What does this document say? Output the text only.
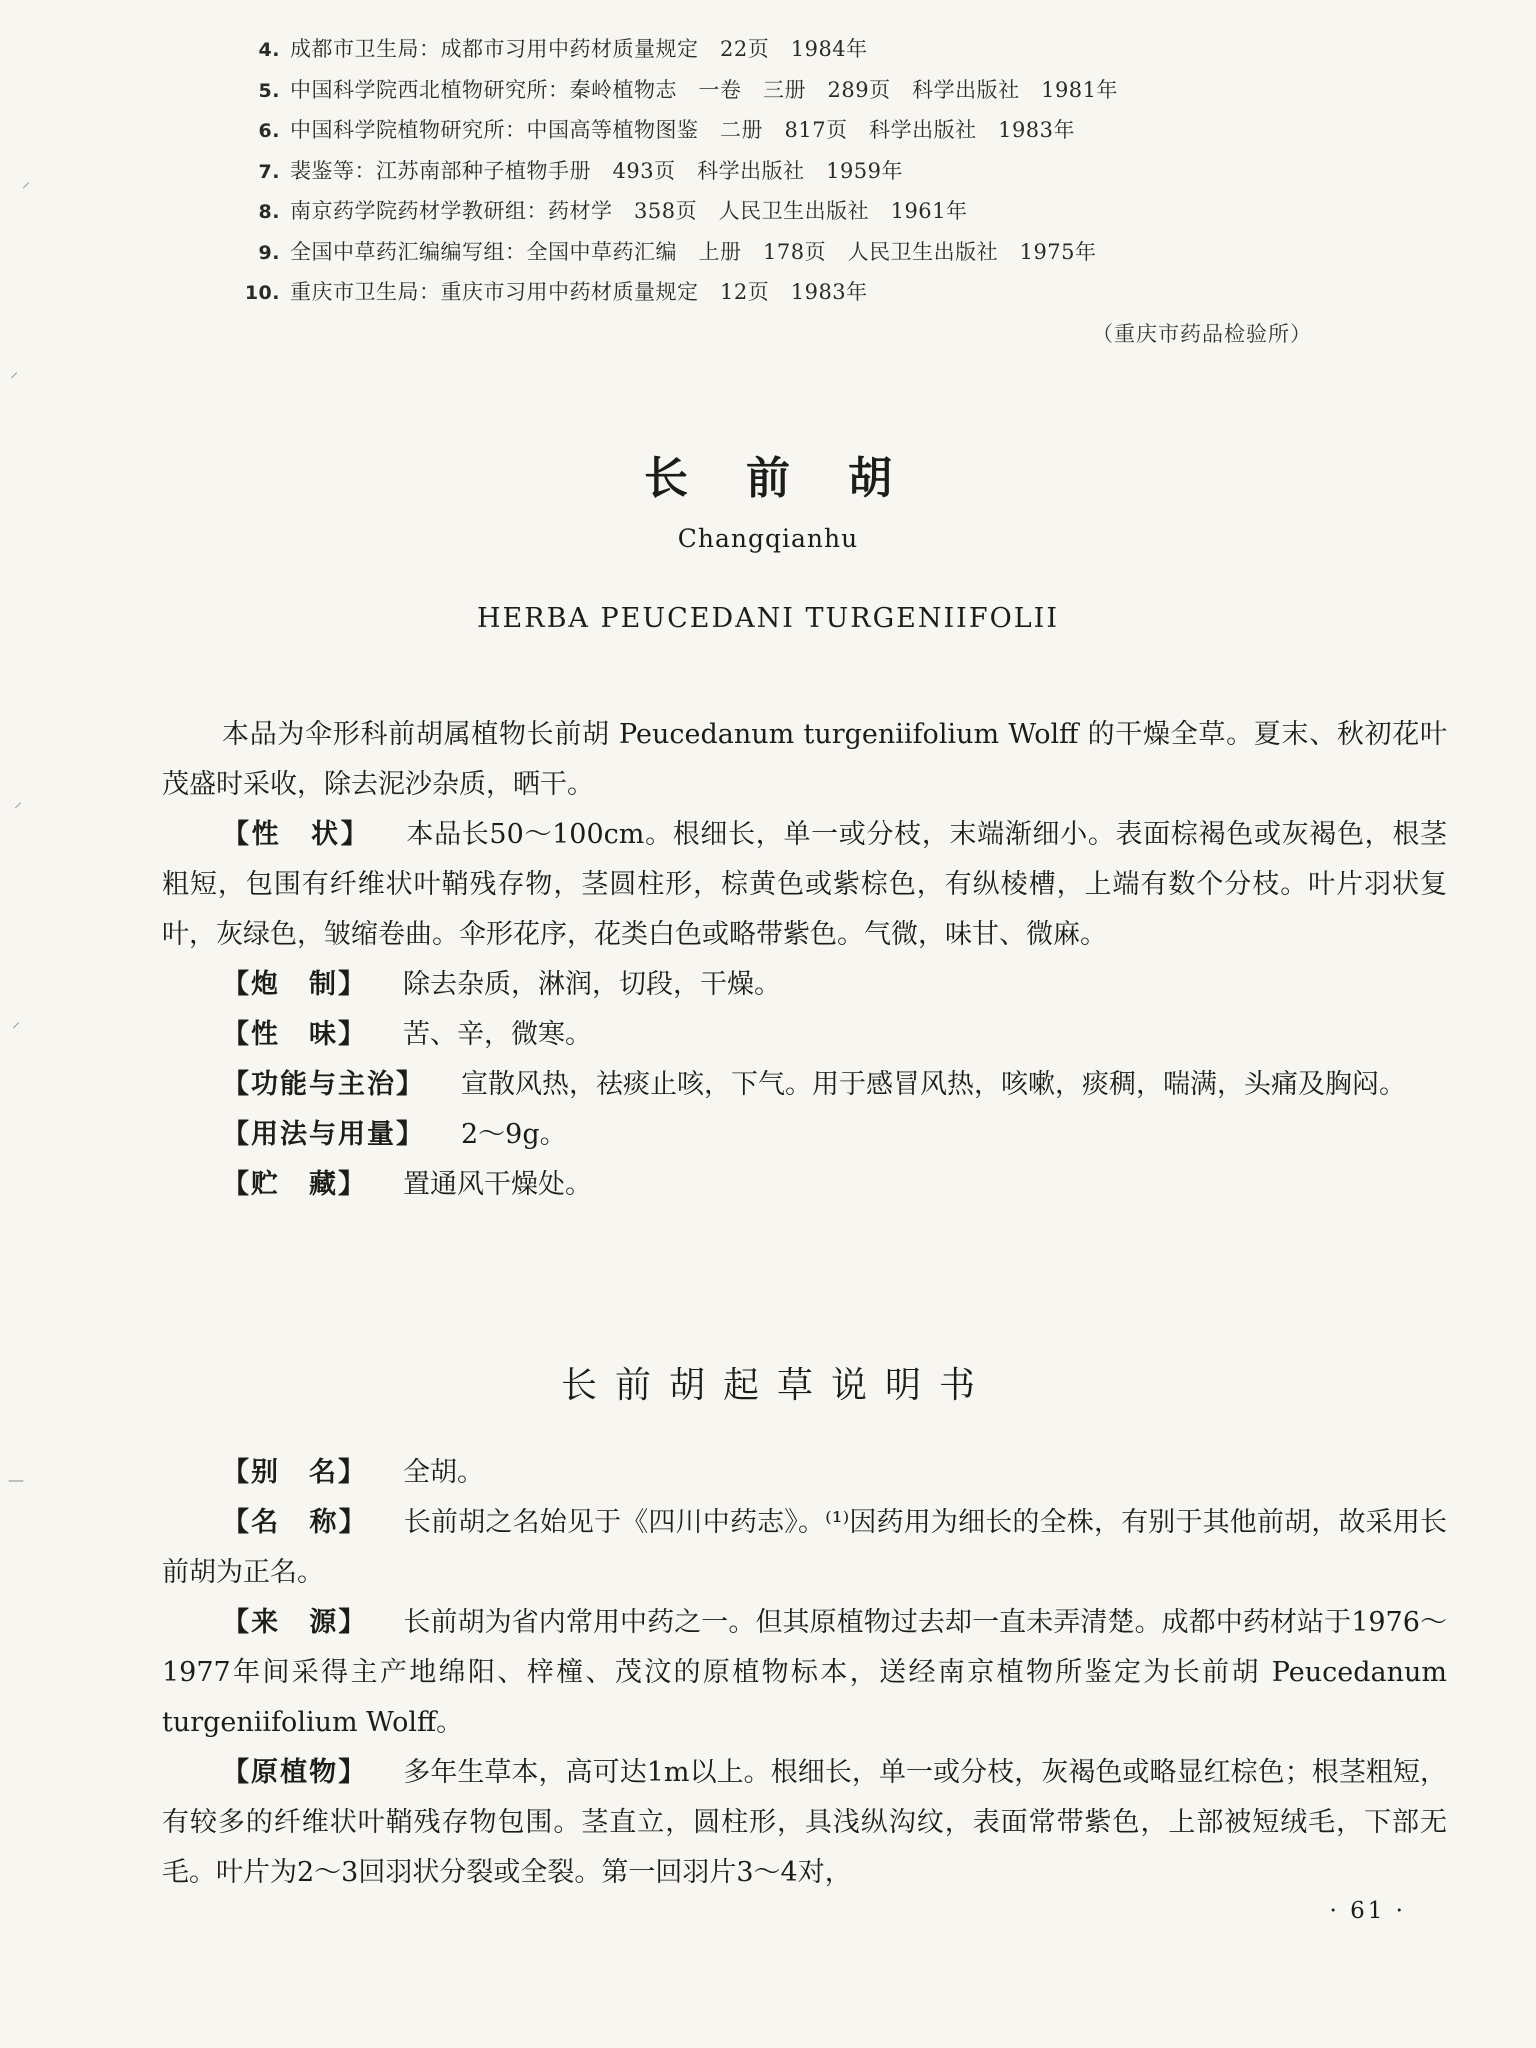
4. 成都市卫生局：成都市习用中药材质量规定　22页　1984年
5. 中国科学院西北植物研究所：秦岭植物志　一卷　三册　289页　科学出版社　1981年
6. 中国科学院植物研究所：中国高等植物图鉴　二册　817页　科学出版社　1983年
7. 裴鉴等：江苏南部种子植物手册　493页　科学出版社　1959年
8. 南京药学院药材学教研组：药材学　358页　人民卫生出版社　1961年
9. 全国中草药汇编编写组：全国中草药汇编　上册　178页　人民卫生出版社　1975年
10. 重庆市卫生局：重庆市习用中药材质量规定　12页　1983年
（重庆市药品检验所）
长前胡
Changqianhu
HERBA PEUCEDANI TURGENIIFOLII

本品为伞形科前胡属植物长前胡 Peucedanum turgeniifolium Wolff 的干燥全草。夏末、秋初花叶茂盛时采收，除去泥沙杂质，晒干。

【性　状】 本品长50～100cm。根细长，单一或分枝，末端渐细小。表面棕褐色或灰褐色，根茎粗短，包围有纤维状叶鞘残存物，茎圆柱形，棕黄色或紫棕色，有纵棱槽，上端有数个分枝。叶片羽状复叶，灰绿色，皱缩卷曲。伞形花序，花类白色或略带紫色。气微，味甘、微麻。

【炮　制】 除去杂质，淋润，切段，干燥。

【性　味】 苦、辛，微寒。

【功能与主治】 宣散风热，祛痰止咳，下气。用于感冒风热，咳嗽，痰稠，喘满，头痛及胸闷。

【用法与用量】 2～9g。

【贮　藏】 置通风干燥处。

长前胡起草说明书

【别　名】 全胡。

【名　称】 长前胡之名始见于《四川中药志》。⁽¹⁾因药用为细长的全株，有别于其他前胡，故采用长前胡为正名。

【来　源】 长前胡为省内常用中药之一。但其原植物过去却一直未弄清楚。成都中药材站于1976～1977年间采得主产地绵阳、梓橦、茂汶的原植物标本，送经南京植物所鉴定为长前胡 Peucedanum turgeniifolium Wolff。

【原植物】 多年生草本，高可达1m以上。根细长，单一或分枝，灰褐色或略显红棕色；根茎粗短，有较多的纤维状叶鞘残存物包围。茎直立，圆柱形，具浅纵沟纹，表面常带紫色，上部被短绒毛，下部无毛。叶片为2～3回羽状分裂或全裂。第一回羽片3～4对，

· 61 ·
⸝
⸝
⸝
⸝
—
